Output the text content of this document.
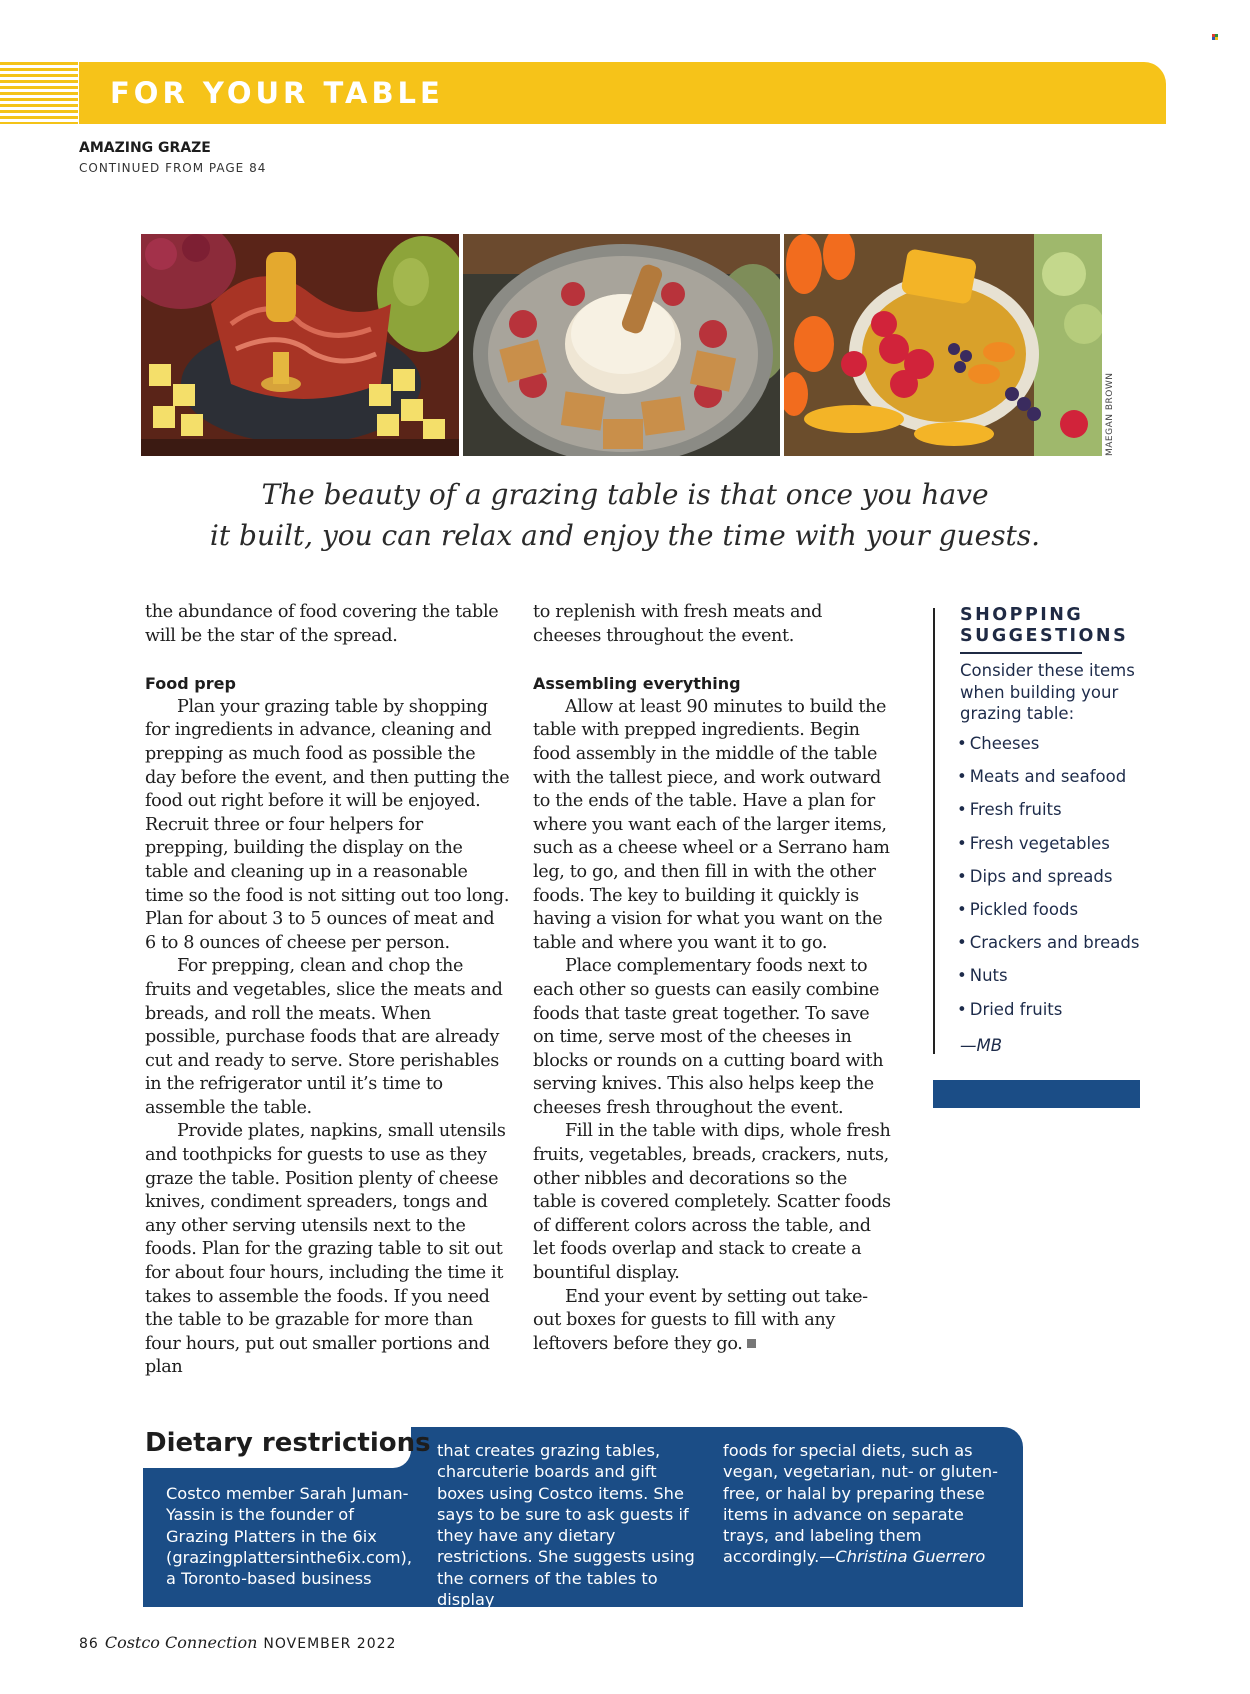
FOR YOUR TABLE
AMAZING GRAZE
CONTINUED FROM PAGE 84
MAEGAN BROWN
The beauty of a grazing table is that once you have
it built, you can relax and enjoy the time with your guests.

the abundance of food covering the table will be the star of the spread.

Food prep

Plan your grazing table by shopping for ingredients in advance, cleaning and prepping as much food as possible the day before the event, and then putting the food out right before it will be enjoyed. Recruit three or four helpers for prepping, building the display on the table and cleaning up in a reasonable time so the food is not sitting out too long. Plan for about 3 to 5 ounces of meat and 6 to 8 ounces of cheese per person.

For prepping, clean and chop the fruits and vegetables, slice the meats and breads, and roll the meats. When possible, purchase foods that are already cut and ready to serve. Store perishables in the refrigerator until it’s time to assemble the table.

Provide plates, napkins, small utensils and toothpicks for guests to use as they graze the table. Position plenty of cheese knives, condiment spreaders, tongs and any other serving utensils next to the foods. Plan for the grazing table to sit out for about four hours, including the time it takes to assemble the foods. If you need the table to be grazable for more than four hours, put out smaller portions and plan

to replenish with fresh meats and cheeses throughout the event.

Assembling everything

Allow at least 90 minutes to build the table with prepped ingredients. Begin food assembly in the middle of the table with the tallest piece, and work outward to the ends of the table. Have a plan for where you want each of the larger items, such as a cheese wheel or a Serrano ham leg, to go, and then fill in with the other foods. The key to building it quickly is having a vision for what you want on the table and where you want it to go.

Place complementary foods next to each other so guests can easily combine foods that taste great together. To save on time, serve most of the cheeses in blocks or rounds on a cutting board with serving knives. This also helps keep the cheeses fresh throughout the event.

Fill in the table with dips, whole fresh fruits, vegetables, breads, crackers, nuts, other nibbles and decorations so the table is covered completely. Scatter foods of different colors across the table, and let foods overlap and stack to create a bountiful display.

End your event by setting out take-out boxes for guests to fill with any leftovers before they go.

SHOPPING
SUGGESTIONS
Consider these items when building your grazing table:
• Cheeses
• Meats and seafood
• Fresh fruits
• Fresh vegetables
• Dips and spreads
• Pickled foods
• Crackers and breads
• Nuts
• Dried fruits
—MB
Dietary restrictions

Costco member Sarah Juman-Yassin is the founder of Grazing Platters in the 6ix (grazingplattersinthe6ix.com), a Toronto-based business

that creates grazing tables, charcuterie boards and gift boxes using Costco items. She says to be sure to ask guests if they have any dietary restrictions. She suggests using the corners of the tables to display

foods for special diets, such as vegan, vegetarian, nut- or gluten-free, or halal by preparing these items in advance on separate trays, and labeling them accordingly.—Christina Guerrero

86 Costco Connection NOVEMBER 2022
